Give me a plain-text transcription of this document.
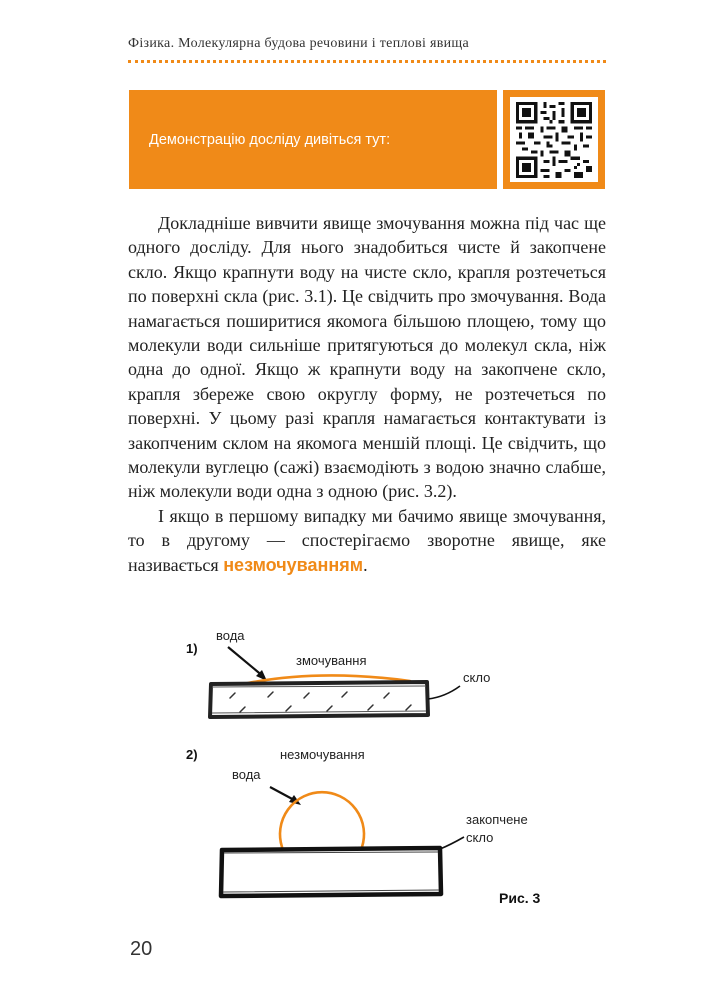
Фізика. Молекулярна будова речовини і теплові явища
Демонстрацію досліду дивіться тут:

Докладніше вивчити явище змочування можна під час ще одного досліду. Для нього знадобиться чисте й закопчене скло. Якщо крапнути воду на чисте скло, крапля розтечеться по поверхні скла (рис. 3.1). Це свідчить про змочування. Вода намагається поширитися якомога більшою площею, тому що молекули води сильніше притягуються до молекул скла, ніж одна до одної. Якщо ж крапнути воду на закопчене скло, крапля збереже свою округлу форму, не розтечеться по поверхні. У цьому разі крапля намагається контактувати із закопченим склом на якомога меншій площі. Це свідчить, що молекули вуглецю (сажі) взаємодіють з водою значно слабше, ніж молекули води одна з одною (рис. 3.2).

І якщо в першому випадку ми бачимо явище змочування, то в другому — спостерігаємо зворотне явище, яке називається незмочуванням.

1)
вода
змочування
скло
2)	незмочування
вода
закопчене
скло
Рис. 3
20
